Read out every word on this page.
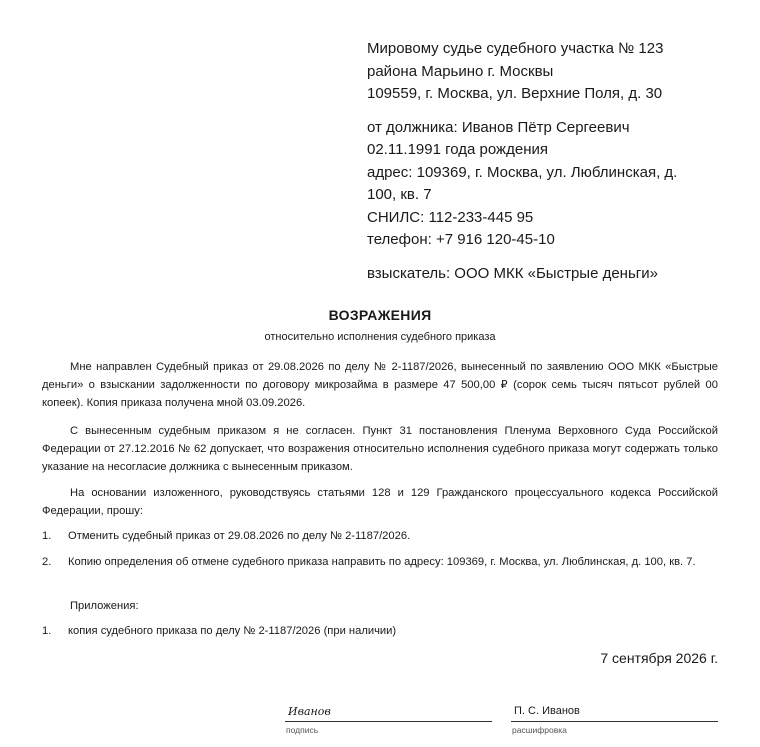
Мировому судье судебного участка № 123
района Марьино г. Москвы
109559, г. Москва, ул. Верхние Поля, д. 30
от должника: Иванов Пётр Сергеевич
02.11.1991 года рождения
адрес: 109369, г. Москва, ул. Люблинская, д.
100, кв. 7
СНИЛС: 112-233-445 95
телефон: +7 916 120-45-10
взыскатель: ООО МКК «Быстрые деньги»
ВОЗРАЖЕНИЯ
относительно исполнения судебного приказа
Мне направлен Судебный приказ от 29.08.2026 по делу № 2-1187/2026, вынесенный по заявлению ООО МКК «Быстрые деньги» о взыскании задолженности по договору микрозайма в размере 47 500,00 ₽ (сорок семь тысяч пятьсот рублей 00 копеек). Копия приказа получена мной 03.09.2026.
С вынесенным судебным приказом я не согласен. Пункт 31 постановления Пленума Верховного Суда Российской Федерации от 27.12.2016 № 62 допускает, что возражения относительно исполнения судебного приказа могут содержать только указание на несогласие должника с вынесенным приказом.
На основании изложенного, руководствуясь статьями 128 и 129 Гражданского процессуального кодекса Российской Федерации, прошу:
1. Отменить судебный приказ от 29.08.2026 по делу № 2-1187/2026.
2. Копию определения об отмене судебного приказа направить по адресу: 109369, г. Москва, ул. Люблинская, д. 100, кв. 7.
Приложения:
1. копия судебного приказа по делу № 2-1187/2026 (при наличии)
7 сентября 2026 г.
Иванов
подпись
П. С. Иванов
расшифровка
